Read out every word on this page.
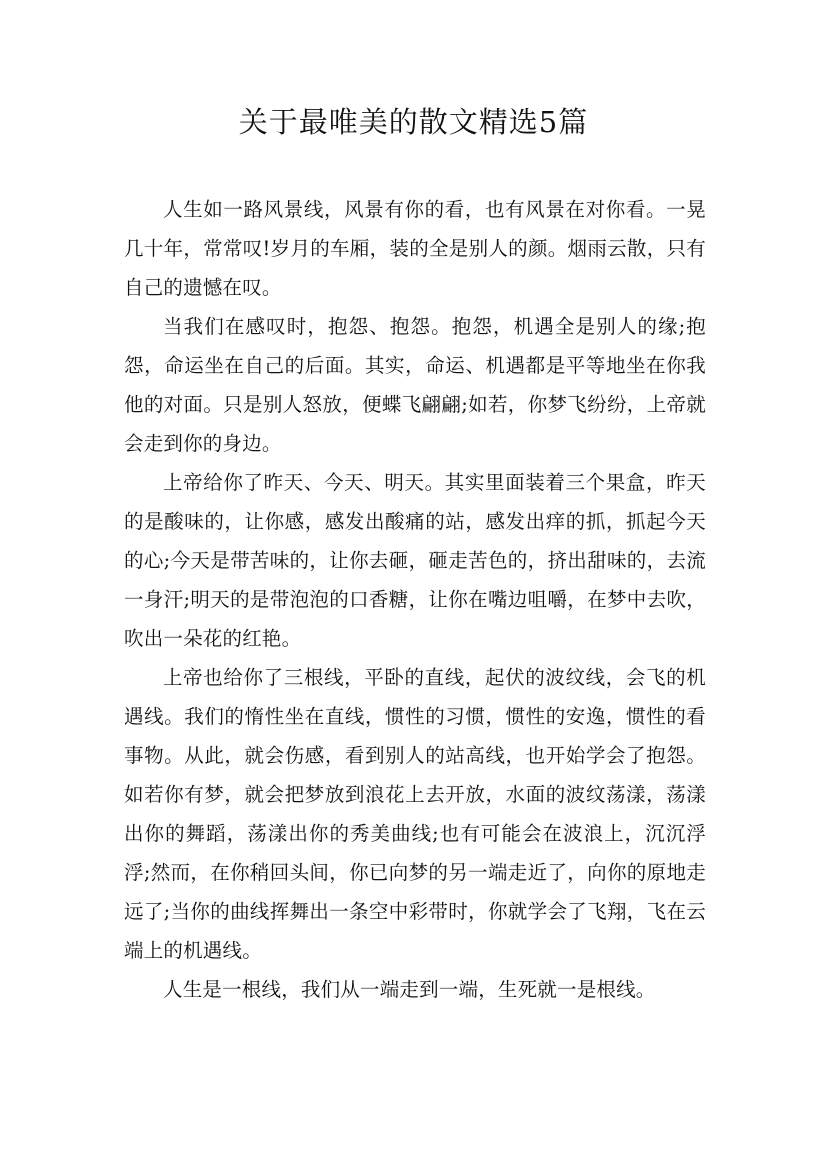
关于最唯美的散文精选5篇

人生如一路风景线，风景有你的看，也有风景在对你看。一晃几十年，常常叹!岁月的车厢，装的全是别人的颜。烟雨云散，只有自己的遗憾在叹。

当我们在感叹时，抱怨、抱怨。抱怨，机遇全是别人的缘;抱怨，命运坐在自己的后面。其实，命运、机遇都是平等地坐在你我他的对面。只是别人怒放，便蝶飞翩翩;如若，你梦飞纷纷，上帝就会走到你的身边。

上帝给你了昨天、今天、明天。其实里面装着三个果盒，昨天的是酸味的，让你感，感发出酸痛的站，感发出痒的抓，抓起今天的心;今天是带苦味的，让你去砸，砸走苦色的，挤出甜味的，去流一身汗;明天的是带泡泡的口香糖，让你在嘴边咀嚼，在梦中去吹，吹出一朵花的红艳。

上帝也给你了三根线，平卧的直线，起伏的波纹线，会飞的机遇线。我们的惰性坐在直线，惯性的习惯，惯性的安逸，惯性的看事物。从此，就会伤感，看到别人的站高线，也开始学会了抱怨。如若你有梦，就会把梦放到浪花上去开放，水面的波纹荡漾，荡漾出你的舞蹈，荡漾出你的秀美曲线;也有可能会在波浪上，沉沉浮浮;然而，在你稍回头间，你已向梦的另一端走近了，向你的原地走远了;当你的曲线挥舞出一条空中彩带时，你就学会了飞翔，飞在云端上的机遇线。

人生是一根线，我们从一端走到一端，生死就一是根线。
